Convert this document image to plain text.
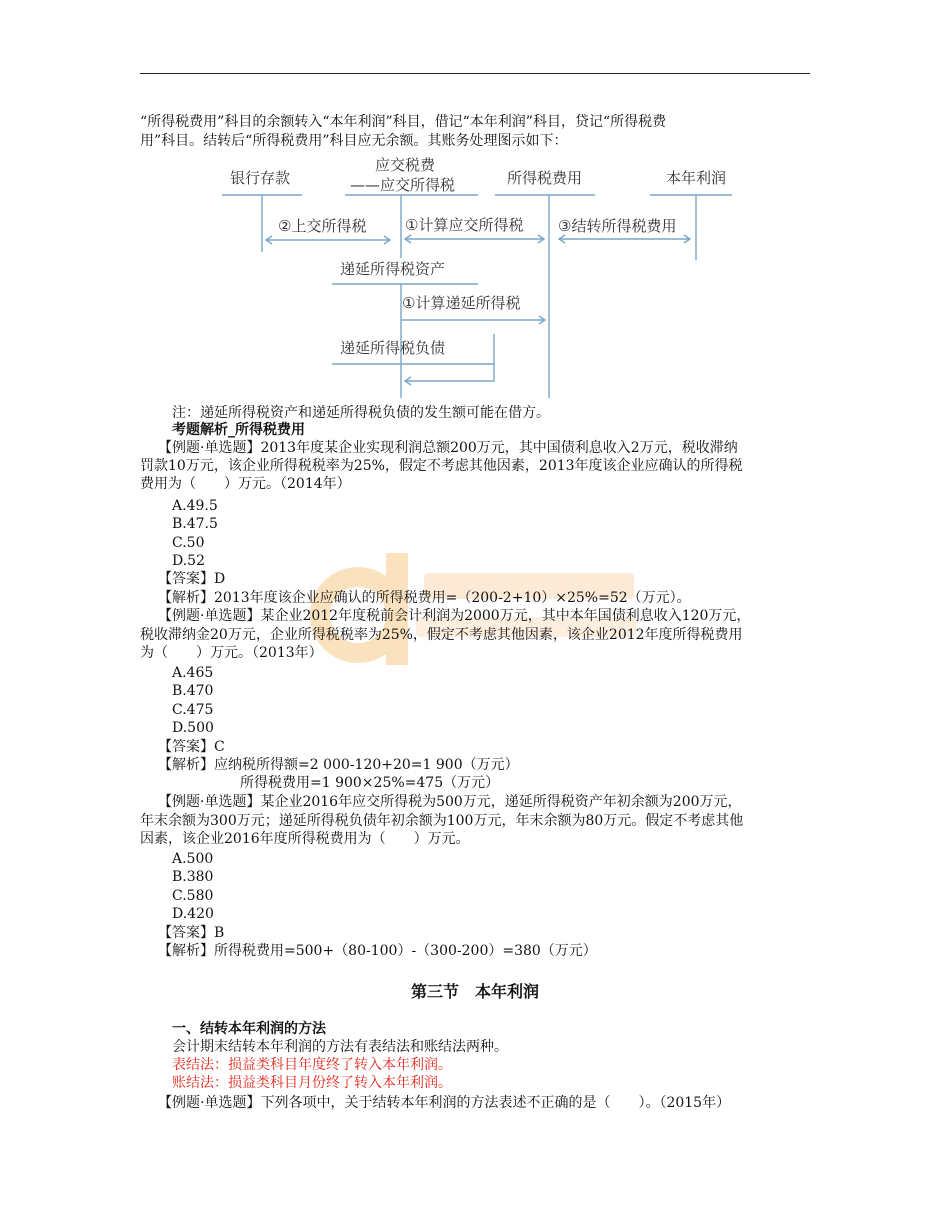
“所得税费用”科目的余额转入“本年利润”科目，借记“本年利润”科目，贷记“所得税费
用”科目。结转后“所得税费用”科目应无余额。其账务处理图示如下：
银行存款
应交税费
——应交所得税	所得税费用	本年利润
②上交所得税	①计算应交所得税 ③结转所得税费用
递延所得税资产
①计算递延所得税
递延所得税负债
注：递延所得税资产和递延所得税负债的发生额可能在借方。
考题解析_所得税费用
【例题·单选题】2013年度某企业实现利润总额200万元，其中国债利息收入2万元，税收滞纳
罚款10万元，该企业所得税税率为25%，假定不考虑其他因素，2013年度该企业应确认的所得税
费用为（　　）万元。（2014年）
A.49.5
B.47.5
C.50
D.52
【答案】D
【解析】2013年度该企业应确认的所得税费用=（200-2+10）×25%=52（万元）。
【例题·单选题】某企业2012年度税前会计利润为2000万元，其中本年国债利息收入120万元，
税收滞纳金20万元，企业所得税税率为25%，假定不考虑其他因素，该企业2012年度所得税费用
为（　　）万元。（2013年）
A.465
B.470
C.475
D.500
【答案】C
【解析】应纳税所得额=2 000-120+20=1 900（万元）
所得税费用=1 900×25%=475（万元）
【例题·单选题】某企业2016年应交所得税为500万元，递延所得税资产年初余额为200万元，
年末余额为300万元；递延所得税负债年初余额为100万元，年末余额为80万元。假定不考虑其他
因素，该企业2016年度所得税费用为（　　）万元。
A.500
B.380
C.580
D.420
【答案】B
【解析】所得税费用=500+（80-100）-（300-200）=380（万元）
第三节　本年利润
一、结转本年利润的方法
会计期末结转本年利润的方法有表结法和账结法两种。
表结法：损益类科目年度终了转入本年利润。
账结法：损益类科目月份终了转入本年利润。
【例题·单选题】下列各项中，关于结转本年利润的方法表述不正确的是（　　）。（2015年）
